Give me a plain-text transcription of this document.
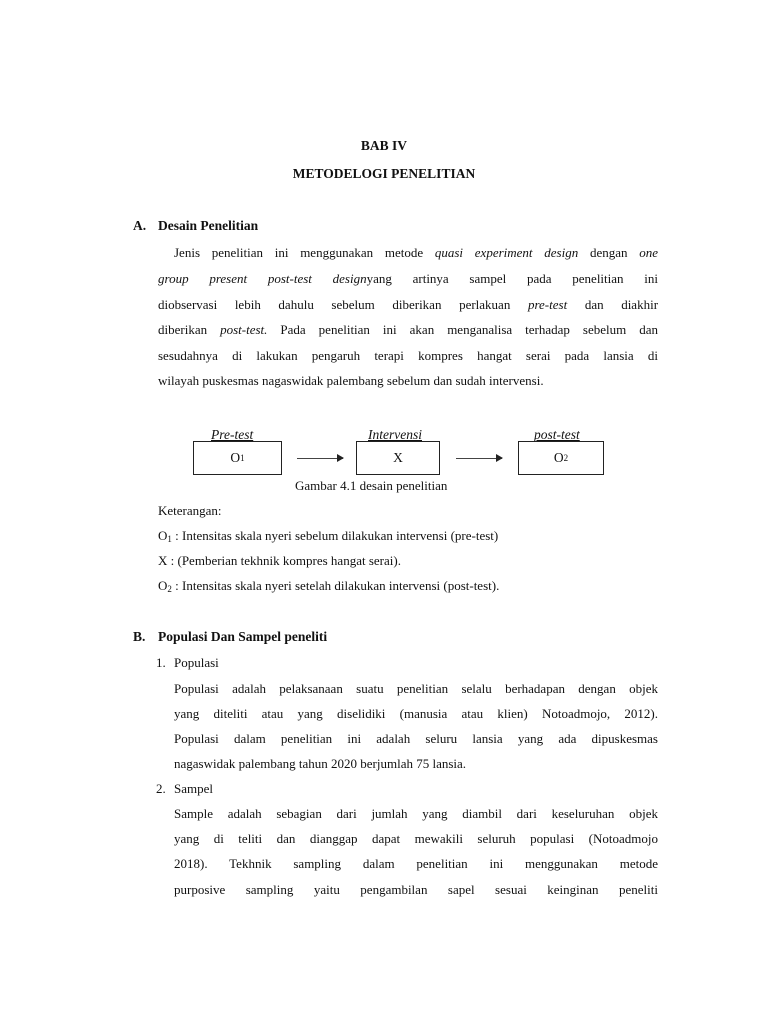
BAB IV
METODELOGI PENELITIAN
A. Desain Penelitian
Jenis penelitian ini menggunakan metode quasi experiment design dengan one
group present post-test designyang artinya sampel pada penelitian ini
diobservasi lebih dahulu sebelum diberikan perlakuan pre-test dan diakhir
diberikan post-test. Pada penelitian ini akan menganalisa terhadap sebelum dan
sesudahnya di lakukan pengaruh terapi kompres hangat serai pada lansia di
wilayah puskesmas nagaswidak palembang sebelum dan sudah intervensi.
Pre-test	Intervensi	post-test
O 1	X	O 2
Gambar 4.1 desain penelitian
Keterangan:
$O_1$ : Intensitas skala nyeri sebelum dilakukan intervensi (pre-test)
X : (Pemberian tekhnik kompres hangat serai).
$O_2$ : Intensitas skala nyeri setelah dilakukan intervensi (post-test).
B. Populasi Dan Sampel peneliti
1. Populasi
Populasi adalah pelaksanaan suatu penelitian selalu berhadapan dengan objek
yang diteliti atau yang diselidiki (manusia atau klien) Notoadmojo, 2012).
Populasi dalam penelitian ini adalah seluru lansia yang ada dipuskesmas
nagaswidak palembang tahun 2020 berjumlah 75 lansia.
2. Sampel
Sample adalah sebagian dari jumlah yang diambil dari keseluruhan objek
yang di teliti dan dianggap dapat mewakili seluruh populasi (Notoadmojo
2018). Tekhnik sampling dalam penelitian ini menggunakan metode
purposive sampling yaitu pengambilan sapel sesuai keinginan peneliti
